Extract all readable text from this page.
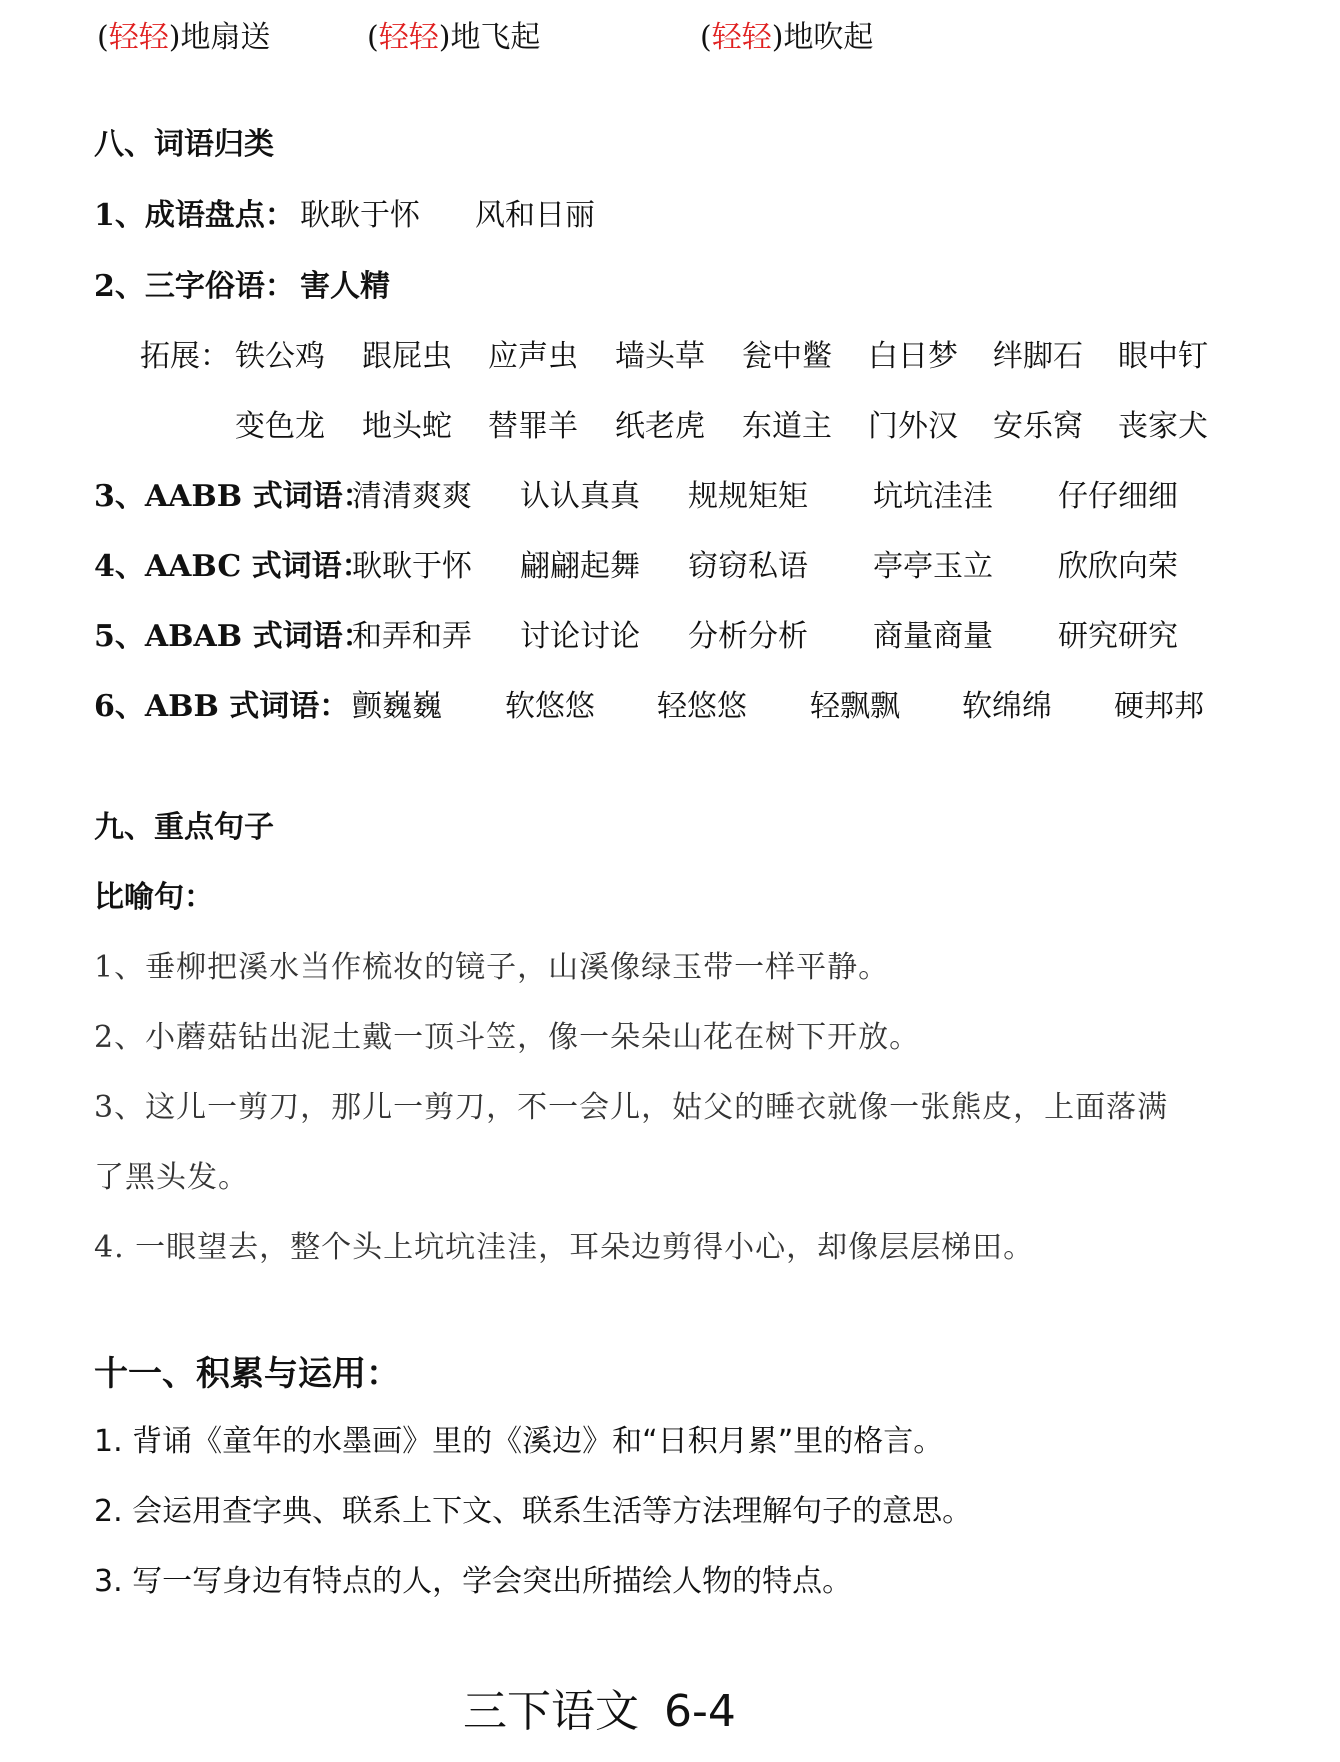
(轻轻)地扇送	(轻轻)地飞起	(轻轻)地吹起
八、词语归类
1、成语盘点： 耿耿于怀 风和日丽
2、三字俗语： 害人精
拓展： 铁公鸡 跟屁虫 应声虫 墙头草 瓮中鳖 白日梦 绊脚石 眼中钉
变色龙 地头蛇 替罪羊 纸老虎 东道主 门外汉 安乐窝 丧家犬
3、AABB 式词语：
清清爽爽 认认真真 规规矩矩 坑坑洼洼 仔仔细细
4、AABC 式词语：
耿耿于怀 翩翩起舞 窃窃私语 亭亭玉立 欣欣向荣
5、ABAB 式词语：
和弄和弄 讨论讨论 分析分析 商量商量 研究研究
6、ABB 式词语： 颤巍巍 软悠悠 轻悠悠 轻飘飘 软绵绵 硬邦邦
九、重点句子
比喻句：
1、垂柳把溪水当作梳妆的镜子，山溪像绿玉带一样平静。
2、小蘑菇钻出泥土戴一顶斗笠，像一朵朵山花在树下开放。
3、这儿一剪刀，那儿一剪刀，不一会儿，姑父的睡衣就像一张熊皮，上面落满
了黑头发。
4. 一眼望去，整个头上坑坑洼洼，耳朵边剪得小心，却像层层梯田。
十一、积累与运用：
1. 背诵《童年的水墨画》里的《溪边》和“日积月累”里的格言。
2. 会运用查字典、联系上下文、联系生活等方法理解句子的意思。
3. 写一写身边有特点的人，学会突出所描绘人物的特点。
三下语文 6-4
